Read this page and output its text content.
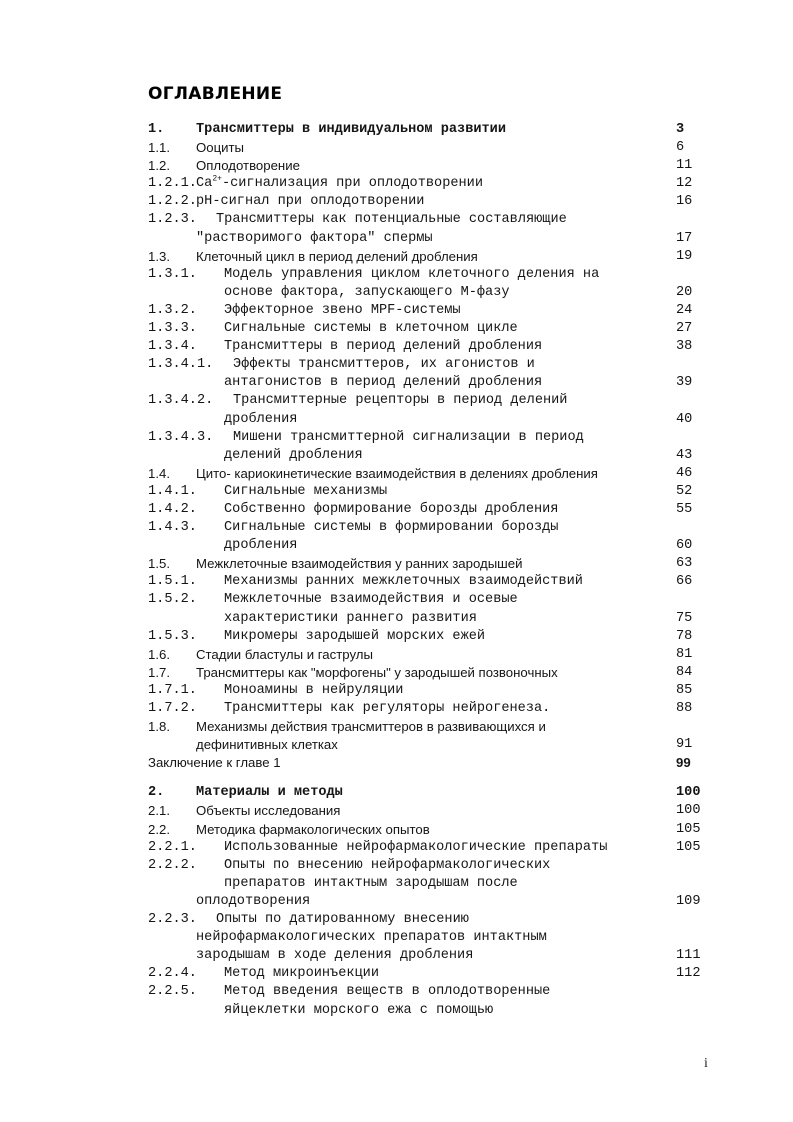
ОГЛАВЛЕНИЕ
1. Трансмиттеры в индивидуальном развитии	3
1.1. Ооциты	6
1.2. Оплодотворение	11
1.2.1. $Ca^{2+}$-сигнализация при оплодотворении	12
1.2.2. pH-сигнал при оплодотворении	16
1.2.3. Трансмиттеры как потенциальные составляющие
"растворимого фактора" спермы	17
1.3. Клеточный цикл в период делений дробления	19
1.3.1. Модель управления циклом клеточного деления на
основе фактора, запускающего М-фазу	20
1.3.2. Эффекторное звено MPF-системы	24
1.3.3. Сигнальные системы в клеточном цикле	27
1.3.4. Трансмиттеры в период делений дробления	38
1.3.4.1. Эффекты трансмиттеров, их агонистов и
антагонистов в период делений дробления	39
1.3.4.2. Трансмиттерные рецепторы в период делений
дробления	40
1.3.4.3. Мишени трансмиттерной сигнализации в период
делений дробления	43
1.4. Цито- кариокинетические взаимодействия в делениях дробления	46
1.4.1. Сигнальные механизмы	52
1.4.2. Собственно формирование борозды дробления	55
1.4.3. Сигнальные системы в формировании борозды
дробления	60
1.5. Межклеточные взаимодействия у ранних зародышей	63
1.5.1. Механизмы ранних межклеточных взаимодействий	66
1.5.2. Межклеточные взаимодействия и осевые
характеристики раннего развития	75
1.5.3. Микромеры зародышей морских ежей	78
1.6. Стадии бластулы и гаструлы	81
1.7. Трансмиттеры как "морфогены" у зародышей позвоночных	84
1.7.1. Моноамины в нейруляции	85
1.7.2. Трансмиттеры как регуляторы нейрогенеза.	88
1.8. Механизмы действия трансмиттеров в развивающихся и
дефинитивных клетках	91
Заключение к главе 1	99
2. Материалы и методы	100
2.1. Объекты исследования	100
2.2. Методика фармакологических опытов	105
2.2.1. Использованные нейрофармакологические препараты	105
2.2.2. Опыты по внесению нейрофармакологических
препаратов интактным зародышам после
оплодотворения	109
2.2.3. Опыты по датированному внесению
нейрофармакологических препаратов интактным
зародышам в ходе деления дробления	111
2.2.4. Метод микроинъекции	112
2.2.5. Метод введения веществ в оплодотворенные
яйцеклетки морского ежа с помощью
i
